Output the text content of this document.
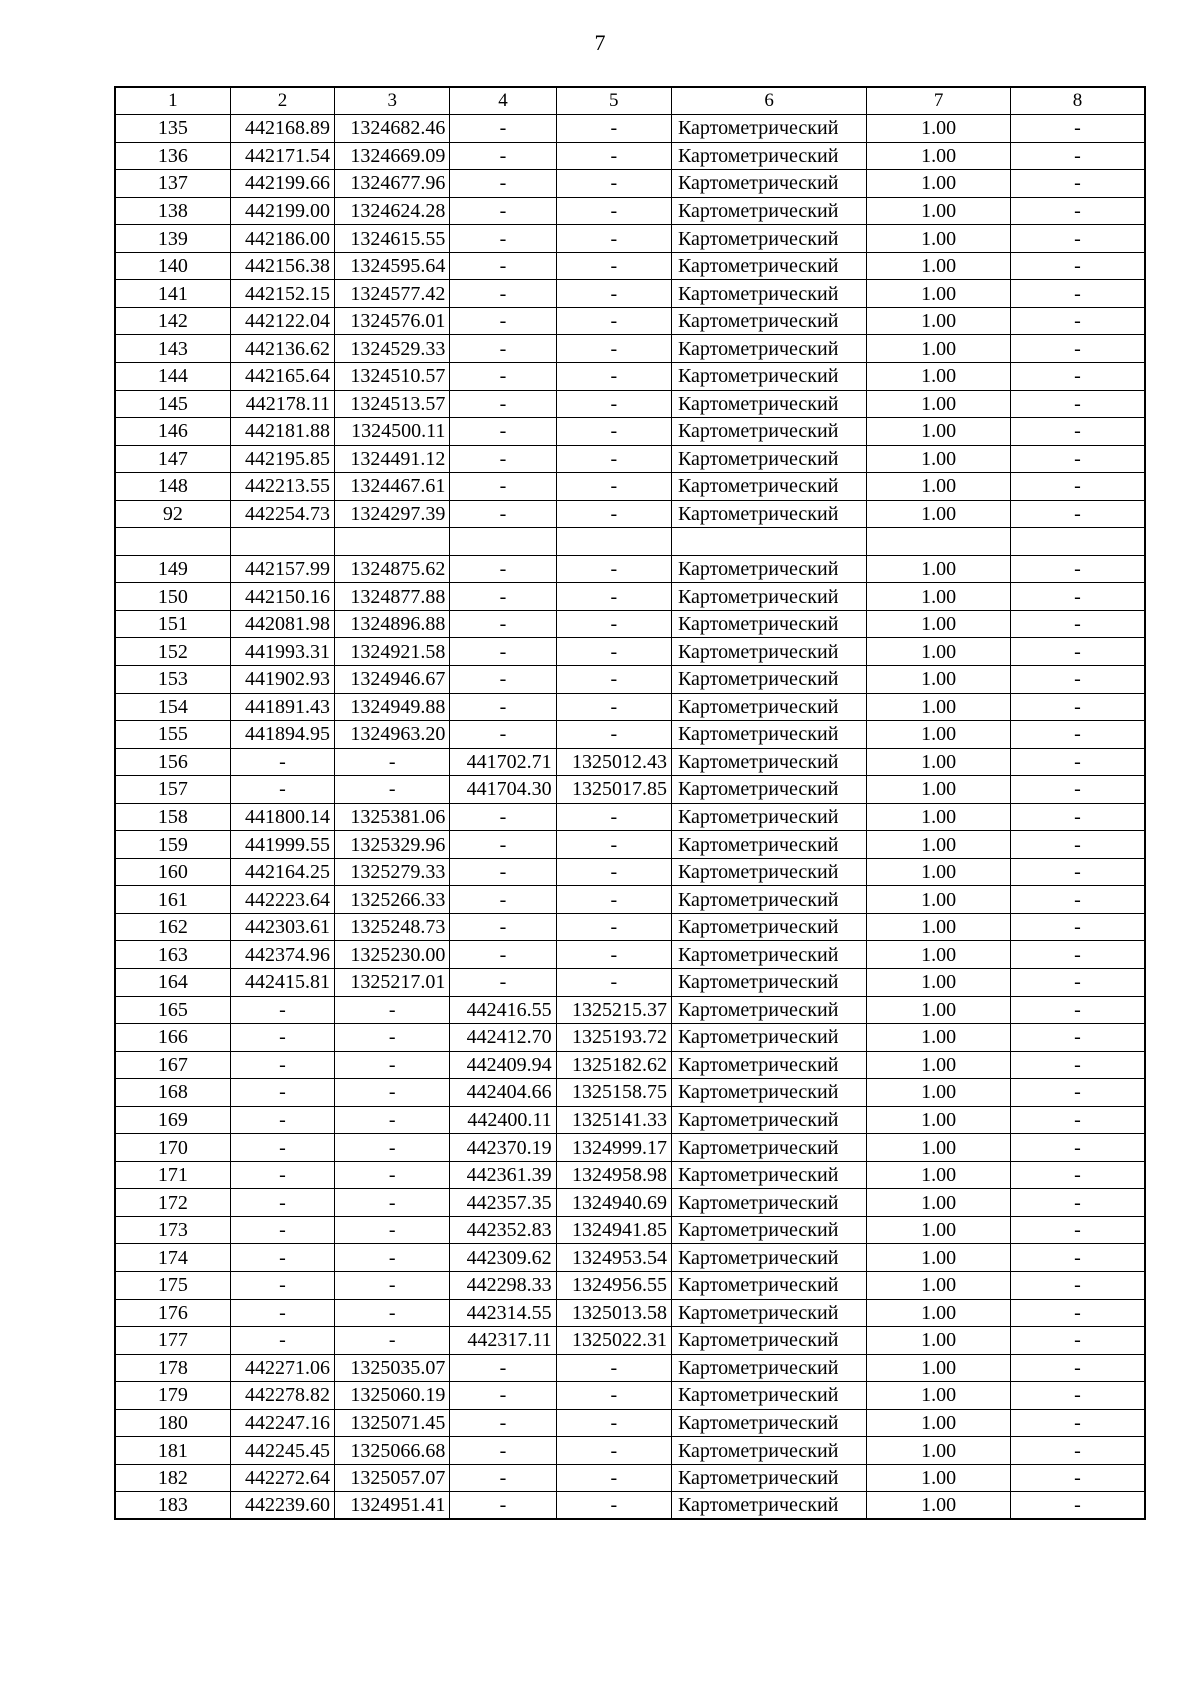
7
1	2	3	4	5	6	7	8
135	442168.89	1324682.46	-	-	Картометрический	1.00	-
136	442171.54	1324669.09	-	-	Картометрический	1.00	-
137	442199.66	1324677.96	-	-	Картометрический	1.00	-
138	442199.00	1324624.28	-	-	Картометрический	1.00	-
139	442186.00	1324615.55	-	-	Картометрический	1.00	-
140	442156.38	1324595.64	-	-	Картометрический	1.00	-
141	442152.15	1324577.42	-	-	Картометрический	1.00	-
142	442122.04	1324576.01	-	-	Картометрический	1.00	-
143	442136.62	1324529.33	-	-	Картометрический	1.00	-
144	442165.64	1324510.57	-	-	Картометрический	1.00	-
145	442178.11	1324513.57	-	-	Картометрический	1.00	-
146	442181.88	1324500.11	-	-	Картометрический	1.00	-
147	442195.85	1324491.12	-	-	Картометрический	1.00	-
148	442213.55	1324467.61	-	-	Картометрический	1.00	-
92	442254.73	1324297.39	-	-	Картометрический	1.00	-

149	442157.99	1324875.62	-	-	Картометрический	1.00	-
150	442150.16	1324877.88	-	-	Картометрический	1.00	-
151	442081.98	1324896.88	-	-	Картометрический	1.00	-
152	441993.31	1324921.58	-	-	Картометрический	1.00	-
153	441902.93	1324946.67	-	-	Картометрический	1.00	-
154	441891.43	1324949.88	-	-	Картометрический	1.00	-
155	441894.95	1324963.20	-	-	Картометрический	1.00	-
156	-	-	441702.71	1325012.43	Картометрический	1.00	-
157	-	-	441704.30	1325017.85	Картометрический	1.00	-
158	441800.14	1325381.06	-	-	Картометрический	1.00	-
159	441999.55	1325329.96	-	-	Картометрический	1.00	-
160	442164.25	1325279.33	-	-	Картометрический	1.00	-
161	442223.64	1325266.33	-	-	Картометрический	1.00	-
162	442303.61	1325248.73	-	-	Картометрический	1.00	-
163	442374.96	1325230.00	-	-	Картометрический	1.00	-
164	442415.81	1325217.01	-	-	Картометрический	1.00	-
165	-	-	442416.55	1325215.37	Картометрический	1.00	-
166	-	-	442412.70	1325193.72	Картометрический	1.00	-
167	-	-	442409.94	1325182.62	Картометрический	1.00	-
168	-	-	442404.66	1325158.75	Картометрический	1.00	-
169	-	-	442400.11	1325141.33	Картометрический	1.00	-
170	-	-	442370.19	1324999.17	Картометрический	1.00	-
171	-	-	442361.39	1324958.98	Картометрический	1.00	-
172	-	-	442357.35	1324940.69	Картометрический	1.00	-
173	-	-	442352.83	1324941.85	Картометрический	1.00	-
174	-	-	442309.62	1324953.54	Картометрический	1.00	-
175	-	-	442298.33	1324956.55	Картометрический	1.00	-
176	-	-	442314.55	1325013.58	Картометрический	1.00	-
177	-	-	442317.11	1325022.31	Картометрический	1.00	-
178	442271.06	1325035.07	-	-	Картометрический	1.00	-
179	442278.82	1325060.19	-	-	Картометрический	1.00	-
180	442247.16	1325071.45	-	-	Картометрический	1.00	-
181	442245.45	1325066.68	-	-	Картометрический	1.00	-
182	442272.64	1325057.07	-	-	Картометрический	1.00	-
183	442239.60	1324951.41	-	-	Картометрический	1.00	-
